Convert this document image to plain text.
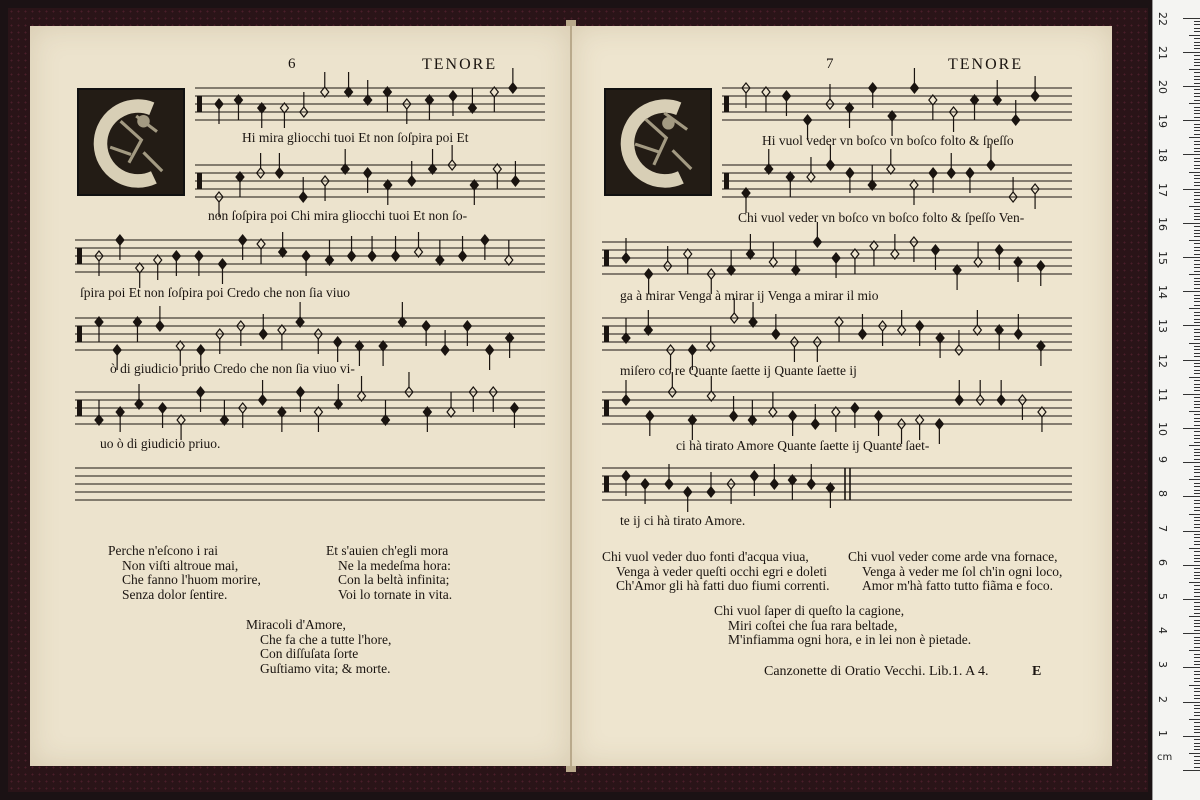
6	TENORE
Hi mira gliocchi tuoi Et non ſoſpira poi Et
non ſoſpira poi Chi mira gliocchi tuoi Et non ſo-
ſpira poi Et non ſoſpira poi Credo che non ſia viuo
ò di giudicio priuo Credo che non ſia viuo vi-
uo ò di giudicio priuo.
Perche n'eſcono i rai
Non viſti altroue mai,
Che fanno l'huom morire,
Senza dolor ſentire.
Et s'auien ch'egli mora
Ne la medeſma hora:
Con la beltà infinita;
Voi lo tornate in vita.
Miracoli d'Amore,
Che fa che a tutte l'hore,
Con diſſuſata ſorte
Guſtiamo vita; & morte.
7	TENORE
Hi vuol veder vn boſco vn boſco folto & ſpeſſo
Chi vuol veder vn boſco vn boſco folto & ſpeſſo Ven-
ga à mirar Venga à mirar ij Venga a mirar il mio
miſero co re Quante ſaette ij Quante ſaette ij
ci hà tirato Amore Quante ſaette ij Quante ſaet-
te ij ci hà tirato Amore.
Chi vuol veder duo fonti d'acqua viua,
Venga à veder queſti occhi egri e doleti
Ch'Amor gli hà fatti duo fiumi correnti.
Chi vuol veder come arde vna fornace,
Venga à veder me ſol ch'in ogni loco,
Amor m'hà fatto tutto fiãma e foco.
Chi vuol ſaper di queſto la cagione,
Miri coſtei che ſua rara beltade,
M'infiamma ogni hora, e in lei non è pietade.
Canzonette di Oratio Vecchi. Lib.1. A 4.	E
cm
1
2
3
4
5
6
7
8
9
10
11
12
13
14
15
16
17
18
19
20
21
22
